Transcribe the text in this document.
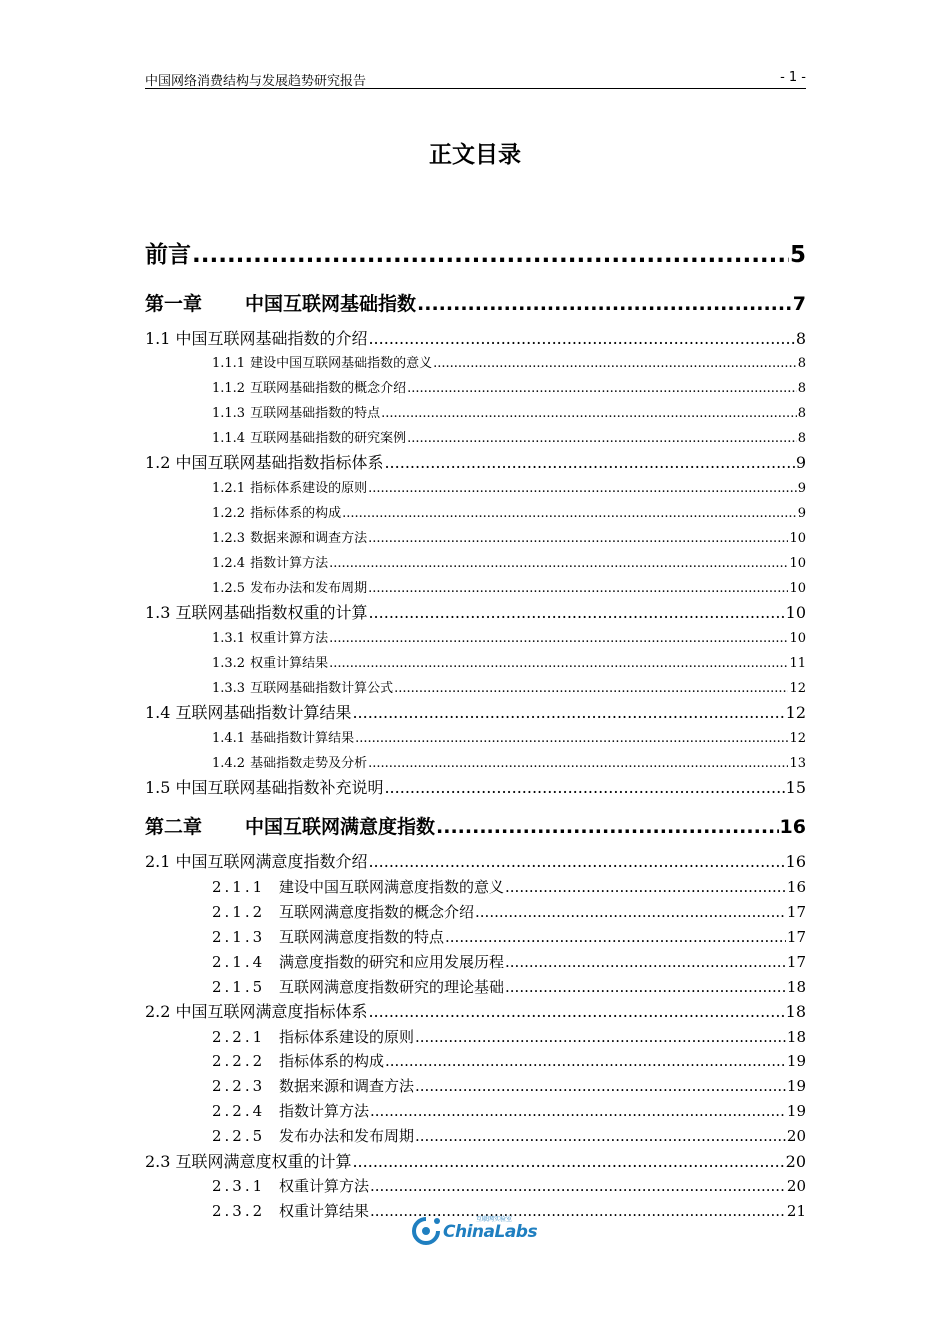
中国网络消费结构与发展趋势研究报告	- 1 -
正文目录
前言 .....	5
第一章 中国互联网基础指数 .....	7
1.1 中国互联网基础指数的介绍 .....	8
1.1.1 建设中国互联网基础指数的意义 .....	8
1.1.2 互联网基础指数的概念介绍 .....	8
1.1.3 互联网基础指数的特点 .....	8
1.1.4 互联网基础指数的研究案例 .....	8
1.2 中国互联网基础指数指标体系 .....	9
1.2.1 指标体系建设的原则 .....	9
1.2.2 指标体系的构成 .....	9
1.2.3 数据来源和调查方法 .....	10
1.2.4 指数计算方法 .....	10
1.2.5 发布办法和发布周期 .....	10
1.3 互联网基础指数权重的计算 .....	10
1.3.1 权重计算方法 .....	10
1.3.2 权重计算结果 .....	11
1.3.3 互联网基础指数计算公式 .....	12
1.4 互联网基础指数计算结果 .....	12
1.4.1 基础指数计算结果 .....	12
1.4.2 基础指数走势及分析 .....	13
1.5 中国互联网基础指数补充说明 .....	15
第二章 中国互联网满意度指数 .....	16
2.1 中国互联网满意度指数介绍 .....	16
2.1.1 建设中国互联网满意度指数的意义 .....	16
2.1.2 互联网满意度指数的概念介绍 .....	17
2.1.3 互联网满意度指数的特点 .....	17
2.1.4 满意度指数的研究和应用发展历程 .....	17
2.1.5 互联网满意度指数研究的理论基础 .....	18
2.2 中国互联网满意度指标体系 .....	18
2.2.1 指标体系建设的原则 .....	18
2.2.2 指标体系的构成 .....	19
2.2.3 数据来源和调查方法 .....	19
2.2.4 指数计算方法 .....	19
2.2.5 发布办法和发布周期 .....	20
2.3 互联网满意度权重的计算 .....	20
2.3.1 权重计算方法 .....	20
2.3.2 权重计算结果 .....	21
互联网实验室
ChinaLabs
